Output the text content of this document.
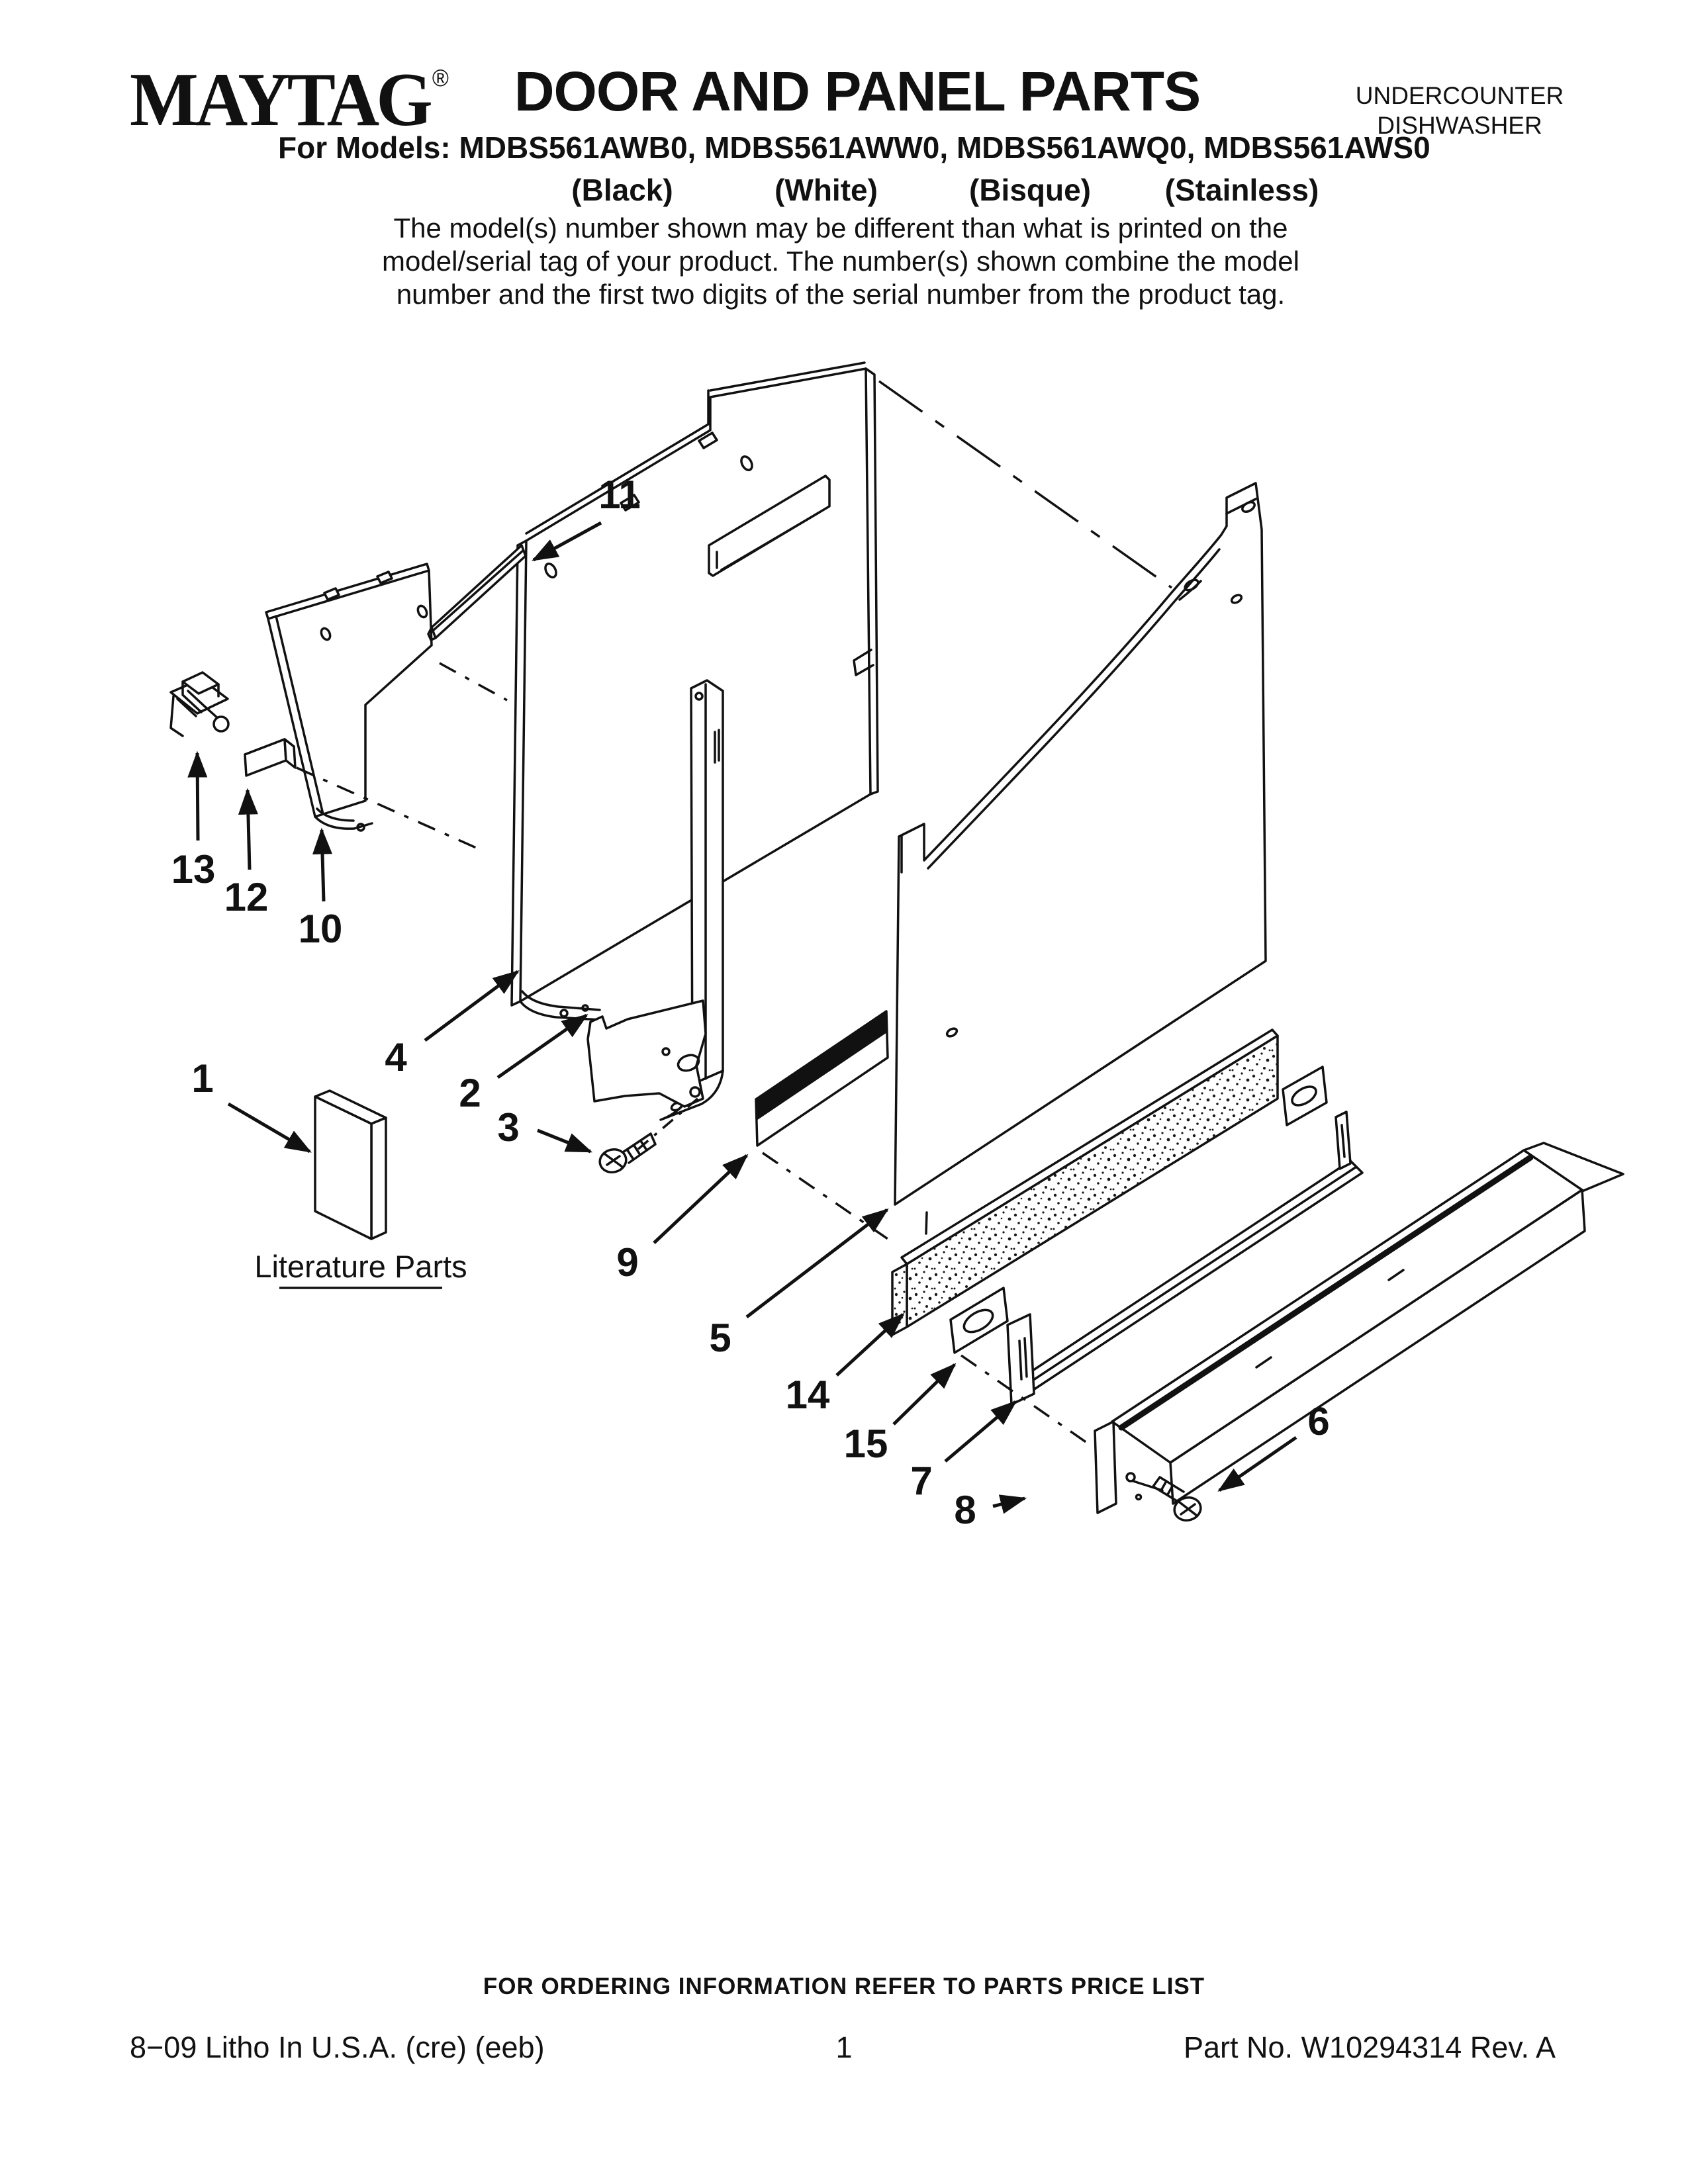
MAYTAG ® DOOR AND PANEL PARTS	UNDERCOUNTER
DISHWASHER
For Models: MDBS561AWB0, MDBS561AWW0, MDBS561AWQ0, MDBS561AWS0
(Black)	(White)	(Bisque) (Stainless)
The model(s) number shown may be different than what is printed on the
model/serial tag of your product. The number(s) shown combine the model
number and the first two digits of the serial number from the product tag.
1	2
3
4
5
6
7
8
9
10
11
12
13
14
15
Literature Parts
FOR ORDERING INFORMATION REFER TO PARTS PRICE LIST
8−09 Litho In U.S.A. (cre) (eeb)	1	Part No. W10294314 Rev. A
